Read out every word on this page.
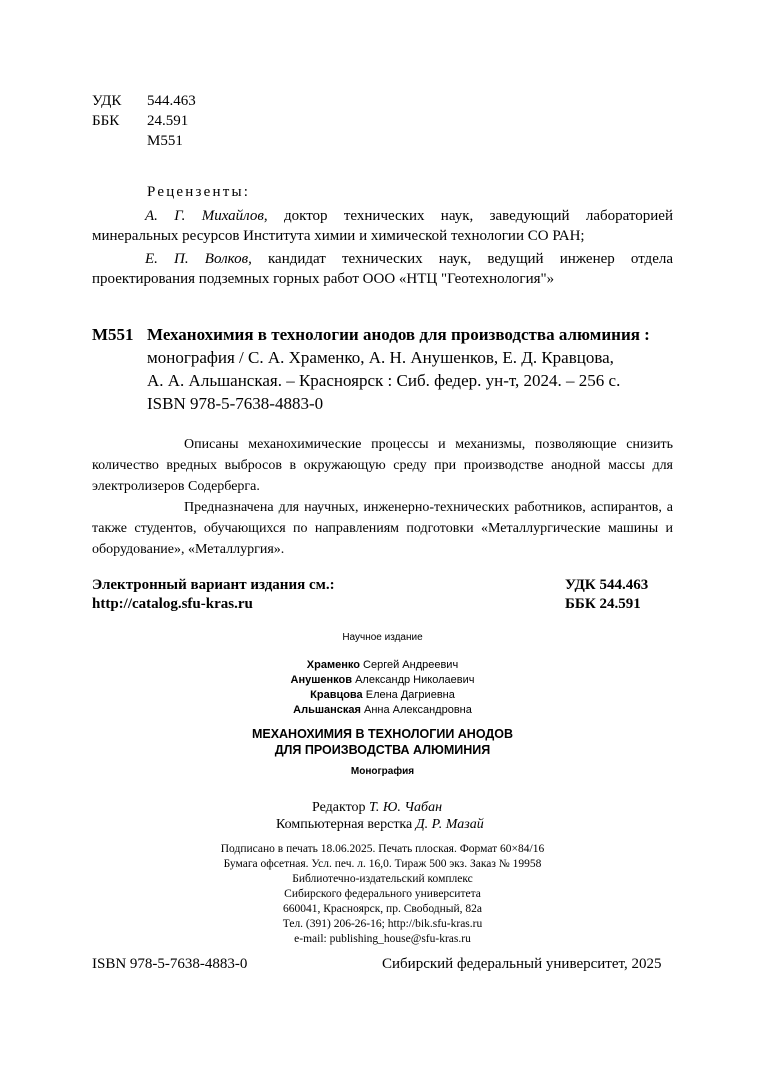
УДК 544.463
ББК 24.591
М551
Рецензенты:
А. Г. Михайлов, доктор технических наук, заведующий лабораторией минеральных ресурсов Института химии и химической технологии СО РАН;
Е. П. Волков, кандидат технических наук, ведущий инженер отдела проектирования подземных горных работ ООО «НТЦ "Геотехнология"»
М551 Механохимия в технологии анодов для производства алюминия :
монография / С. А. Храменко, А. Н. Анушенков, Е. Д. Кравцова,
А. А. Альшанская. – Красноярск : Сиб. федер. ун-т, 2024. – 256 с.
ISBN 978-5-7638-4883-0

Описаны механохимические процессы и механизмы, позволяющие снизить количество вредных выбросов в окружающую среду при производстве анодной массы для электролизеров Содерберга.

Предназначена для научных, инженерно-технических работников, аспирантов, а также студентов, обучающихся по направлениям подготовки «Металлургические машины и оборудование», «Металлургия».

Электронный вариант издания см.:
http://catalog.sfu-kras.ru
УДК 544.463
ББК 24.591
Научное издание
Храменко Сергей Андреевич
Анушенков Александр Николаевич
Кравцова Елена Дагриевна
Альшанская Анна Александровна
МЕХАНОХИМИЯ В ТЕХНОЛОГИИ АНОДОВ
ДЛЯ ПРОИЗВОДСТВА АЛЮМИНИЯ
Монография
Редактор Т. Ю. Чабан
Компьютерная верстка Д. Р. Мазай
Подписано в печать 18.06.2025. Печать плоская. Формат 60×84/16
Бумага офсетная. Усл. печ. л. 16,0. Тираж 500 экз. Заказ № 19958
Библиотечно-издательский комплекс
Сибирского федерального университета
660041, Красноярск, пр. Свободный, 82а
Тел. (391) 206-26-16; http://bik.sfu-kras.ru
e-mail: publishing_house@sfu-kras.ru
ISBN 978-5-7638-4883-0	Сибирский федеральный университет, 2025
